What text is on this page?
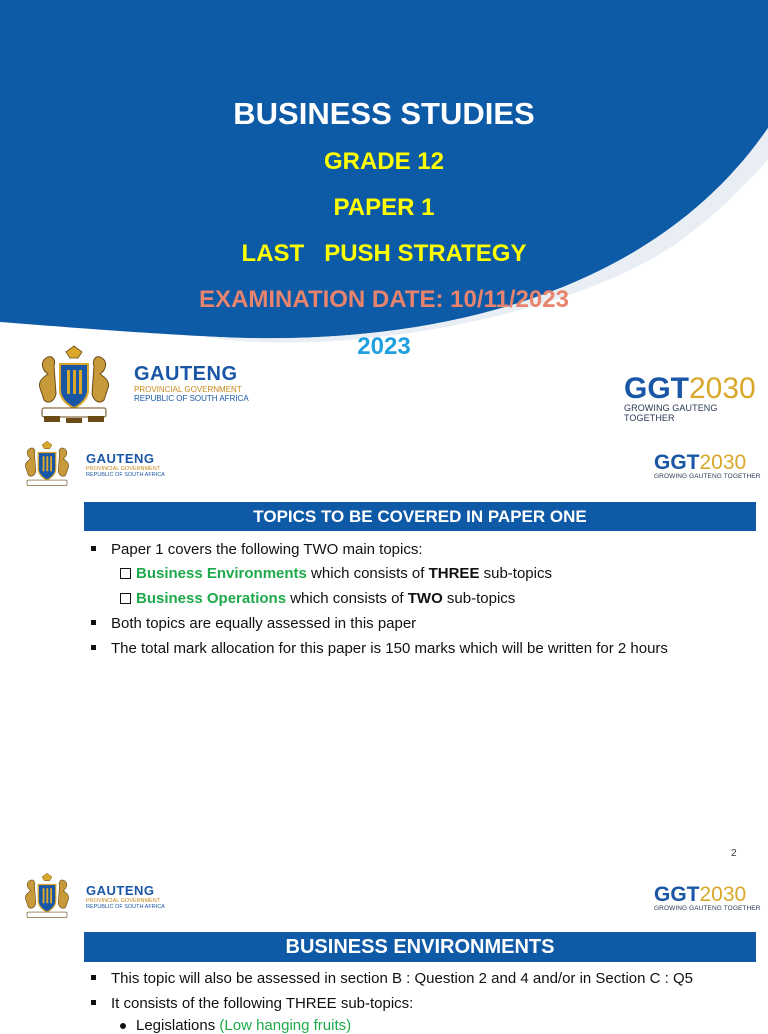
BUSINESS STUDIES
GRADE 12
PAPER 1
LAST   PUSH STRATEGY
EXAMINATION DATE: 10/11/2023
2023
GAUTENG
PROVINCIAL GOVERNMENT
REPUBLIC OF SOUTH AFRICA	GGT2030
GROWING GAUTENG TOGETHER
GAUTENG
PROVINCIAL GOVERNMENT
REPUBLIC OF SOUTH AFRICA
GGT2030
GROWING GAUTENG TOGETHER
TOPICS TO BE COVERED IN PAPER ONE
Paper 1 covers the following TWO main topics:
Business Environments which consists of THREE sub-topics
Business Operations which consists of TWO sub-topics
Both topics are equally assessed in this paper
The total mark allocation for this paper is 150 marks which will be written for 2 hours
2
GAUTENG
PROVINCIAL GOVERNMENT
REPUBLIC OF SOUTH AFRICA
GGT2030
GROWING GAUTENG TOGETHER
BUSINESS ENVIRONMENTS
This topic will also be assessed in section B : Question 2 and 4 and/or in Section C : Q5
It consists of the following THREE sub-topics:
Legislations (Low hanging fruits)
